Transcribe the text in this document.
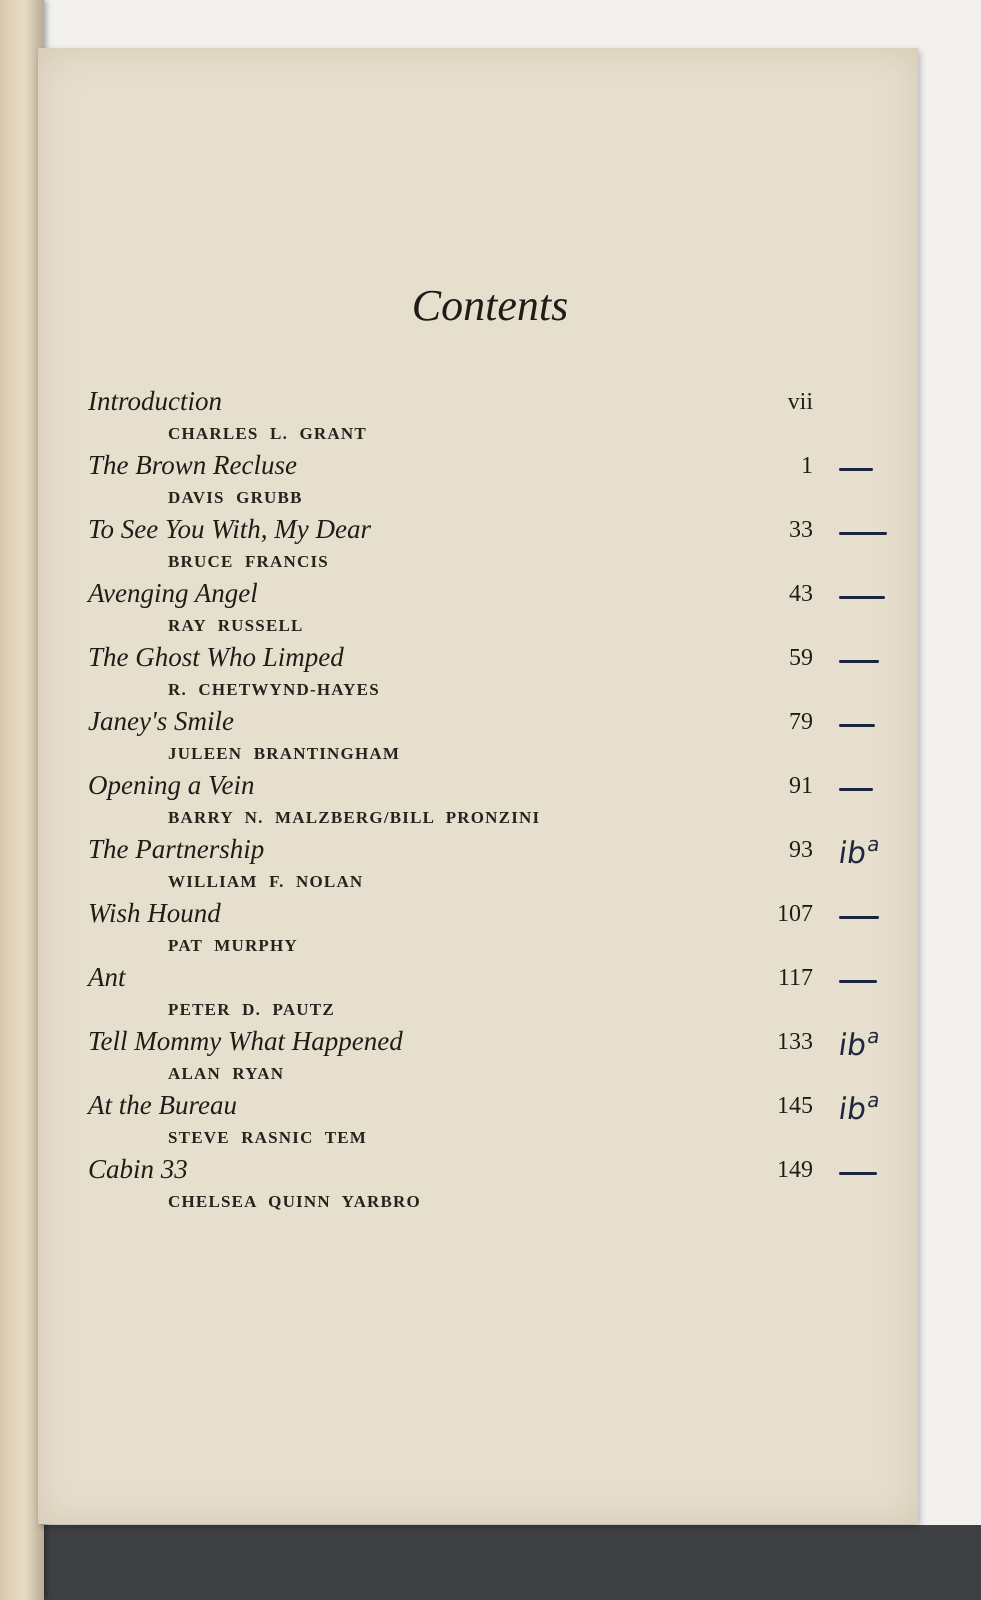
Contents
Introduction	vii
CHARLES L. GRANT
The Brown Recluse	1
DAVIS GRUBB
To See You With, My Dear	33
BRUCE FRANCIS
Avenging Angel	43
RAY RUSSELL
The Ghost Who Limped	59
R. CHETWYND-HAYES
Janey's Smile	79
JULEEN BRANTINGHAM
Opening a Vein	91
BARRY N. MALZBERG/BILL PRONZINI
The Partnership	93
WILLIAM F. NOLAN
$ib^a$
Wish Hound	107
PAT MURPHY
Ant	117
PETER D. PAUTZ
Tell Mommy What Happened	133
ALAN RYAN
$ib^a$
At the Bureau	145
STEVE RASNIC TEM
$ib^a$
Cabin 33	149
CHELSEA QUINN YARBRO
